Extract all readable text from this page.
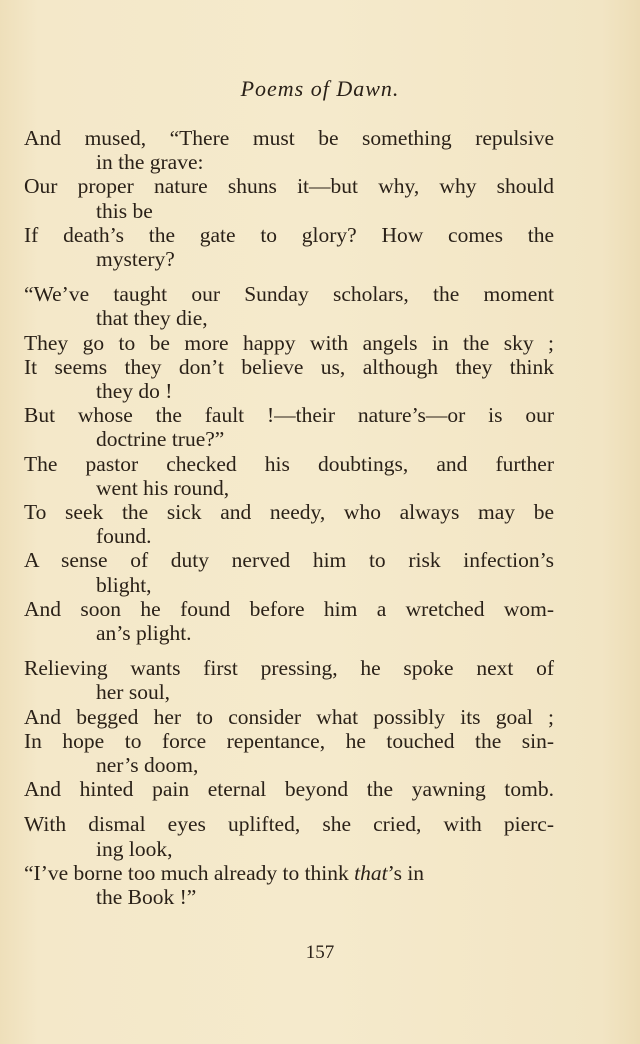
Poems of Dawn.
And mused, “There must be something repulsive
in the grave:
Our proper nature shuns it—but why, why should
this be
If death’s the gate to glory? How comes the
mystery?
“We’ve taught our Sunday scholars, the moment
that they die,
They go to be more happy with angels in the sky ;
It seems they don’t believe us, although they think
they do !
But whose the fault !—their nature’s—or is our
doctrine true?”
The pastor checked his doubtings, and further
went his round,
To seek the sick and needy, who always may be
found.
A sense of duty nerved him to risk infection’s
blight,
And soon he found before him a wretched wom-
an’s plight.
Relieving wants first pressing, he spoke next of
her soul,
And begged her to consider what possibly its goal ;
In hope to force repentance, he touched the sin-
ner’s doom,
And hinted pain eternal beyond the yawning tomb.
With dismal eyes uplifted, she cried, with pierc-
ing look,
“I’ve borne too much already to think that’s in
the Book !”
157
